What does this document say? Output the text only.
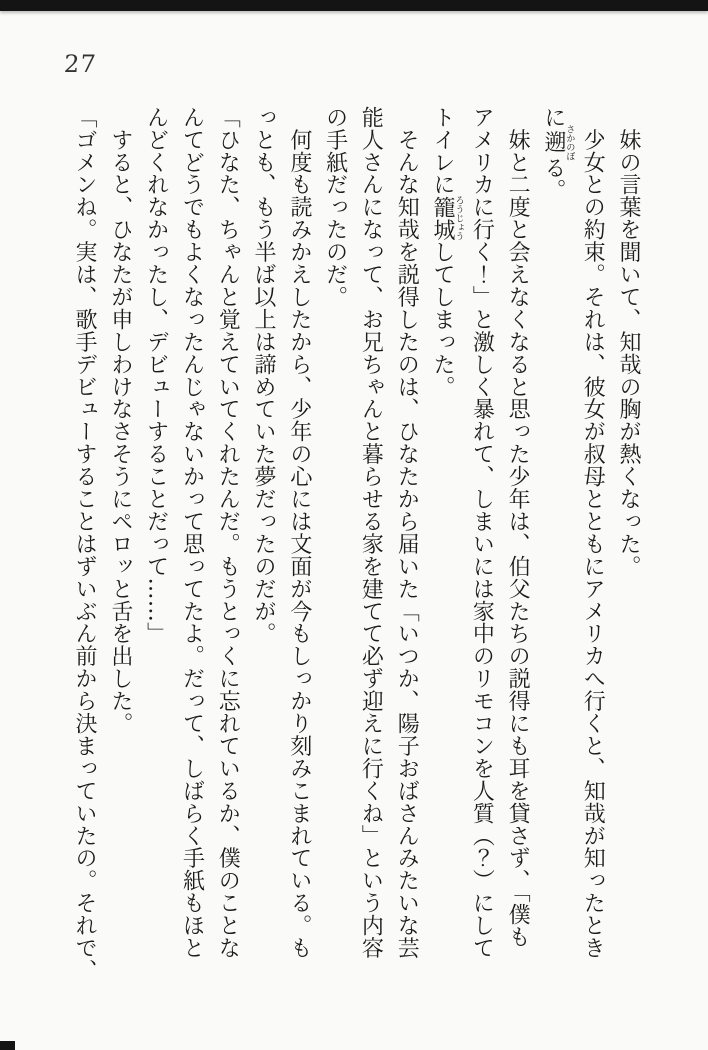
27

　妹の言葉を聞いて、知哉の胸が熱くなった。

　少女との約束。それは、彼女が叔母とともにアメリカへ行くと、知哉が知ったとき

に遡さかのぼる。

　妹と二度と会えなくなると思った少年は、伯父たちの説得にも耳を貸さず、「僕も

アメリカに行く！」と激しく暴れて、しまいには家中のリモコンを人質（？）にして

トイレに籠城ろうじょうしてしまった。

　そんな知哉を説得したのは、ひなたから届いた「いつか、陽子おばさんみたいな芸

能人さんになって、お兄ちゃんと暮らせる家を建てて必ず迎えに行くね」という内容

の手紙だったのだ。

　何度も読みかえしたから、少年の心には文面が今もしっかり刻みこまれている。も

っとも、もう半ば以上は諦めていた夢だったのだが。

「ひなた、ちゃんと覚えていてくれたんだ。もうとっくに忘れているか、僕のことな

んてどうでもよくなったんじゃないかって思ってたよ。だって、しばらく手紙もほと

んどくれなかったし、デビューすることだって……」

　すると、ひなたが申しわけなさそうにペロッと舌を出した。

「ゴメンね。実は、歌手デビューすることはずいぶん前から決まっていたの。それで、
